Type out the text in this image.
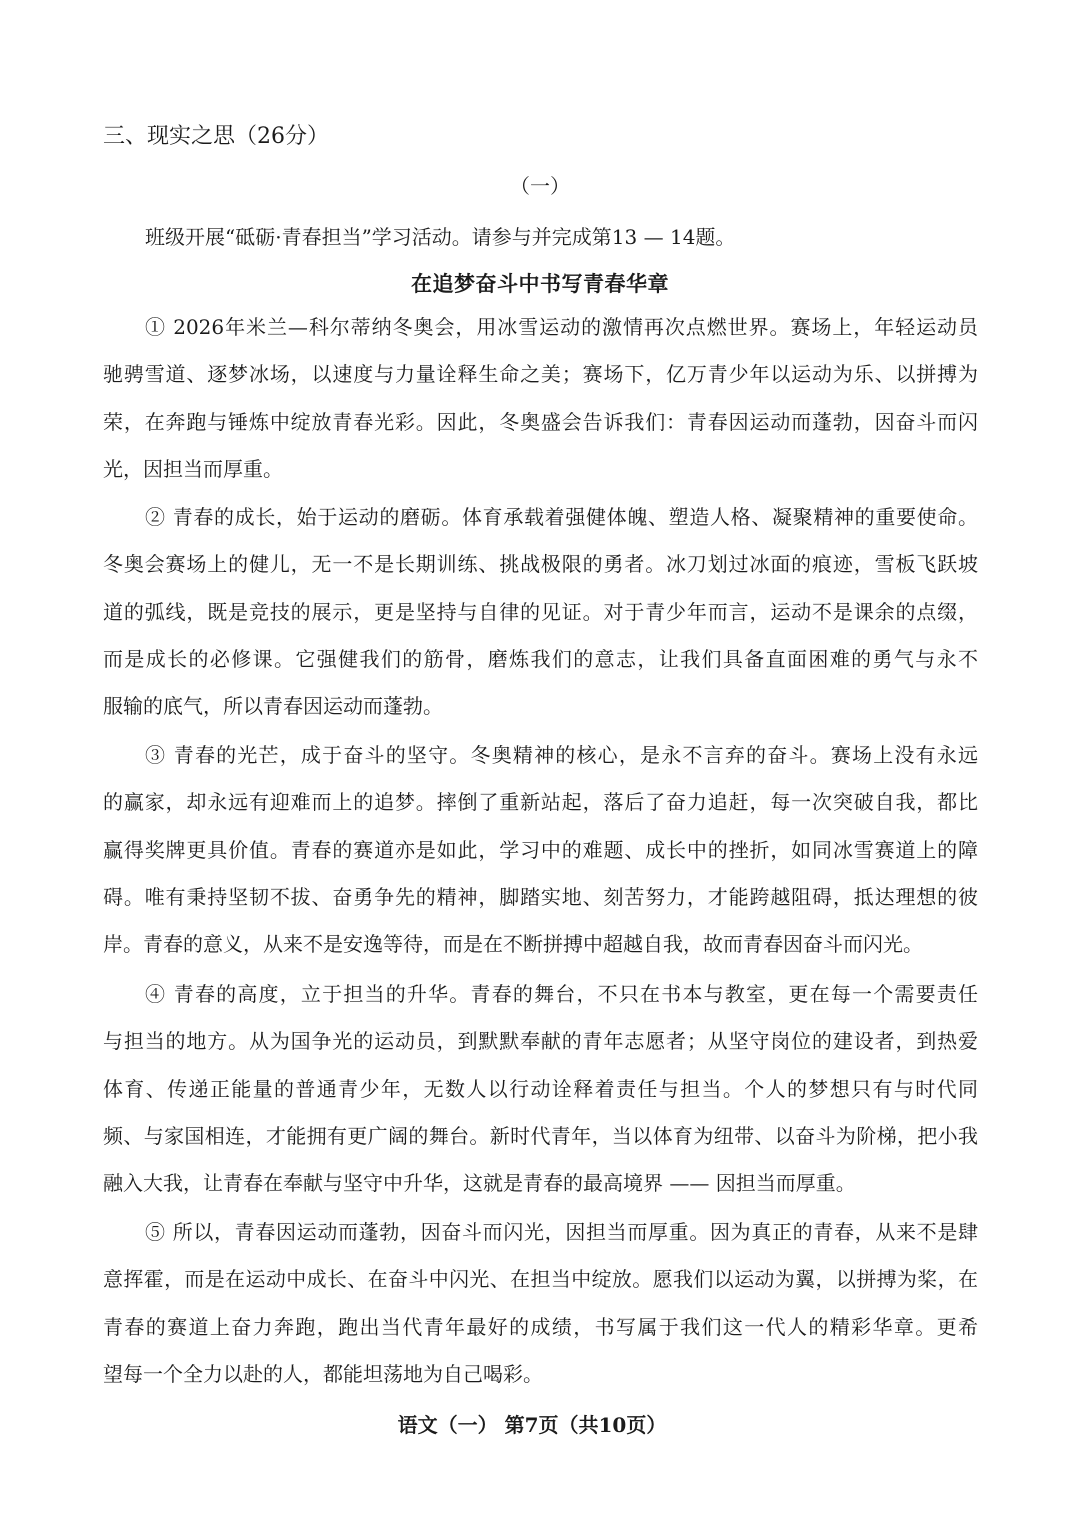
三、现实之思（26分）
（一）
班级开展“砥砺·青春担当”学习活动。请参与并完成第13 — 14题。
在追梦奋斗中书写青春华章
① 2026年米兰—科尔蒂纳冬奥会，用冰雪运动的激情再次点燃世界。赛场上，年轻运动员
驰骋雪道、逐梦冰场，以速度与力量诠释生命之美；赛场下，亿万青少年以运动为乐、以拼搏为
荣，在奔跑与锤炼中绽放青春光彩。因此，冬奥盛会告诉我们：青春因运动而蓬勃，因奋斗而闪
光，因担当而厚重。
② 青春的成长，始于运动的磨砺。体育承载着强健体魄、塑造人格、凝聚精神的重要使命。
冬奥会赛场上的健儿，无一不是长期训练、挑战极限的勇者。冰刀划过冰面的痕迹，雪板飞跃坡
道的弧线，既是竞技的展示，更是坚持与自律的见证。对于青少年而言，运动不是课余的点缀，
而是成长的必修课。它强健我们的筋骨，磨炼我们的意志，让我们具备直面困难的勇气与永不
服输的底气，所以青春因运动而蓬勃。
③ 青春的光芒，成于奋斗的坚守。冬奥精神的核心，是永不言弃的奋斗。赛场上没有永远
的赢家，却永远有迎难而上的追梦。摔倒了重新站起，落后了奋力追赶，每一次突破自我，都比
赢得奖牌更具价值。青春的赛道亦是如此，学习中的难题、成长中的挫折，如同冰雪赛道上的障
碍。唯有秉持坚韧不拔、奋勇争先的精神，脚踏实地、刻苦努力，才能跨越阻碍，抵达理想的彼
岸。青春的意义，从来不是安逸等待，而是在不断拼搏中超越自我，故而青春因奋斗而闪光。
④ 青春的高度，立于担当的升华。青春的舞台，不只在书本与教室，更在每一个需要责任
与担当的地方。从为国争光的运动员，到默默奉献的青年志愿者；从坚守岗位的建设者，到热爱
体育、传递正能量的普通青少年，无数人以行动诠释着责任与担当。个人的梦想只有与时代同
频、与家国相连，才能拥有更广阔的舞台。新时代青年，当以体育为纽带、以奋斗为阶梯，把小我
融入大我，让青春在奉献与坚守中升华，这就是青春的最高境界 —— 因担当而厚重。
⑤ 所以，青春因运动而蓬勃，因奋斗而闪光，因担当而厚重。因为真正的青春，从来不是肆
意挥霍，而是在运动中成长、在奋斗中闪光、在担当中绽放。愿我们以运动为翼，以拼搏为桨，在
青春的赛道上奋力奔跑，跑出当代青年最好的成绩，书写属于我们这一代人的精彩华章。更希
望每一个全力以赴的人，都能坦荡地为自己喝彩。
语文（一） 第7页（共10页）
